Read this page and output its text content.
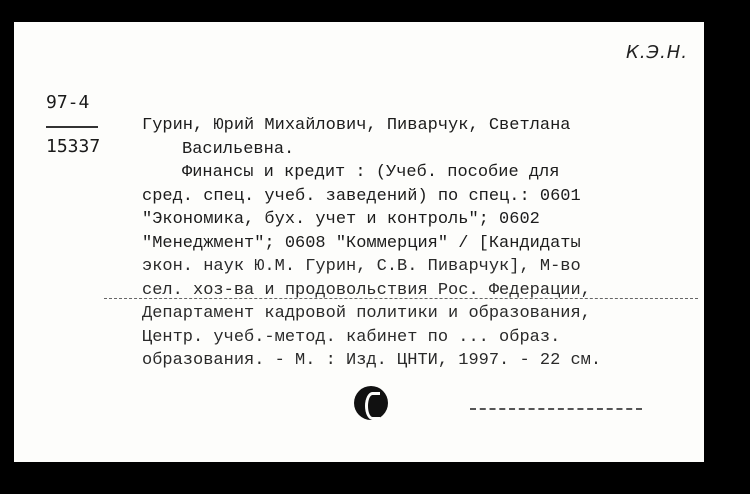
К.Э.Н.
97-4
15337
Гурин, Юрий Михайлович, Пиварчук, Светлана
Васильевна.
Финансы и кредит : (Учеб. пособие для
сред. спец. учеб. заведений) по спец.: 0601
"Экономика, бух. учет и контроль"; 0602
"Менеджмент"; 0608 "Коммерция" / [Кандидаты
экон. наук Ю.М. Гурин, С.В. Пиварчук], М-во
сел. хоз-ва и продовольствия Рос. Федерации,
Департамент кадровой политики и образования,
Центр. учеб.-метод. кабинет по ... образ.
образования. - М. : Изд. ЦНТИ, 1997. - 22 см.
